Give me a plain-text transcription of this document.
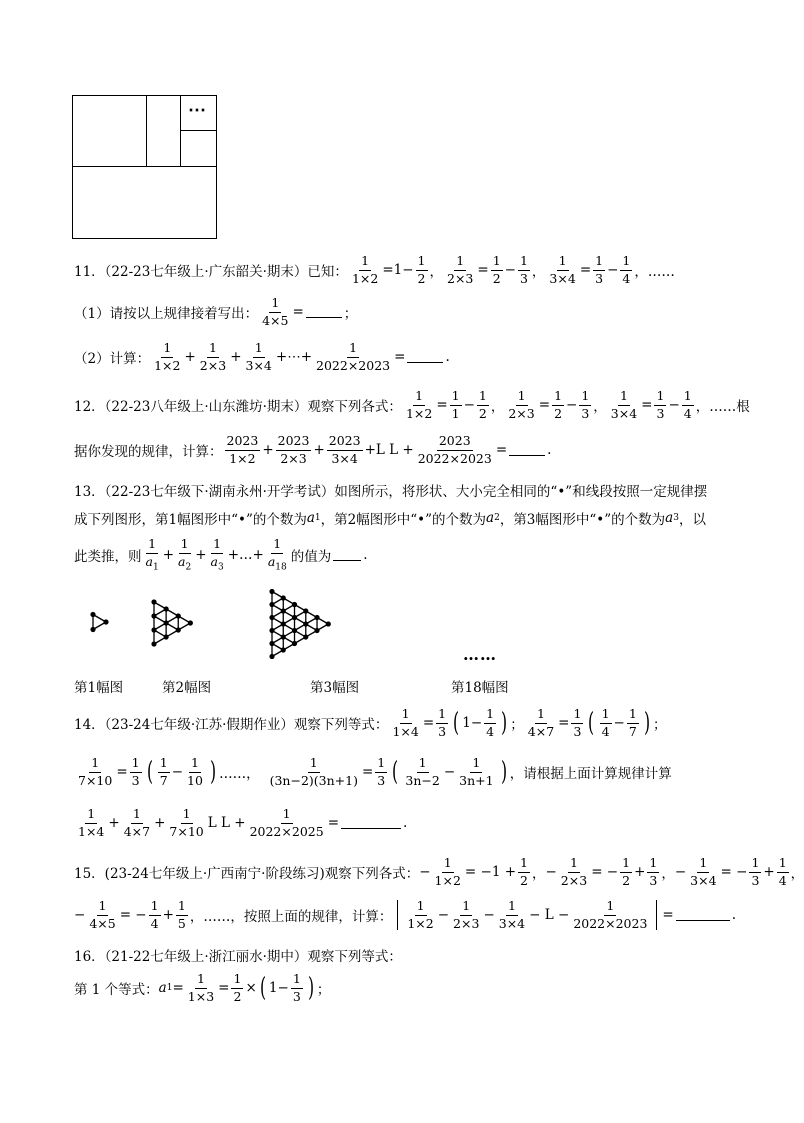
⋯
11．（22-23七年级上·广东韶关·期末）已知： $\frac{1}{1\times 2} = 1 - \frac{1}{2}$ ， $\frac{1}{2\times 3} = \frac{1}{2} - \frac{1}{3}$ ， $\frac{1}{3\times 4} = \frac{1}{3} - \frac{1}{4}$ ，……
（1）请按以上规律接着写出： $\frac{1}{4\times 5}$ =	；
（2）计算： $\frac{1}{1\times 2} + \frac{1}{2\times 3} + \frac{1}{3\times 4}$ +⋯+ $\frac{1}{2022\times 2023}$ =	.
12．（22-23八年级上·山东潍坊·期末）观察下列各式： $\frac{1}{1\times 2} = \frac{1}{1} - \frac{1}{2}$ ， $\frac{1}{2\times 3} = \frac{1}{2} - \frac{1}{3}$ ， $\frac{1}{3\times 4} = \frac{1}{3} - \frac{1}{4}$ ，……根
据你发现的规律，计算： $\frac{2023}{1\times 2} + \frac{2023}{2\times 3} + \frac{2023}{3\times 4} +L$ $L + \frac{2023}{2022\times 2023}$ =	.
13．（22-23七年级下·湖南永州·开学考试）如图所示，将形状、大小完全相同的“•”和线段按照一定规律摆
成下列图形，第1幅图形中“•”的个数为 a 1 ，第2幅图形中“•”的个数为 a 2 ，第3幅图形中“•”的个数为 a 3 ，以
此类推，则 $\frac{1}{a_1} + \frac{1}{a_2} + \frac{1}{a_3}$ +…+ $\frac{1}{a_{18}}$ 的值为 .
……
第1幅图	第2幅图	第3幅图	第18幅图
14．（23-24七年级·江苏·假期作业）观察下列等式： $\frac{1}{1\times 4} = \frac{1}{3}$ ( $1 - \frac{1}{4}$ ) ； $\frac{1}{4\times 7} = \frac{1}{3}$ ( $\frac{1}{4} - \frac{1}{7}$ ) ；
$\frac{1}{7\times 10} = \frac{1}{3}$ ( $\frac{1}{7} - \frac{1}{10}$ ) ……， $\frac{1}{(3n-2)(3n+1)} = \frac{1}{3}$ ( $\frac{1}{3n-2} - \frac{1}{3n+1}$ ) ，请根据上面计算规律计算
$\frac{1}{1\times 4} + \frac{1}{4\times 7} + \frac{1}{7\times 10}$ L $L + \frac{1}{2022\times 2025}$ =	.
15．(23-24七年级上·广西南宁·阶段练习)观察下列各式： − $\frac{1}{1\times 2} = -1 + \frac{1}{2}$ ， − $\frac{1}{2\times 3}$ = − $\frac{1}{2} + \frac{1}{3}$ ， − $\frac{1}{3\times 4}$ = − $\frac{1}{3} + \frac{1}{4}$ ，
− $\frac{1}{4\times 5}$ = − $\frac{1}{4} + \frac{1}{5}$ ，……，按照上面的规律，计算： $\frac{1}{1\times 2} - \frac{1}{2\times 3} - \frac{1}{3\times 4} - L - \frac{1}{2022\times 2023}$ =	.
16．（21-22七年级上·浙江丽水·期中）观察下列等式：
第 1 个等式： a $1 = \frac{1}{1\times 3} = \frac{1}{2}$ × ( $1- \frac{1}{3}$ ) ；
